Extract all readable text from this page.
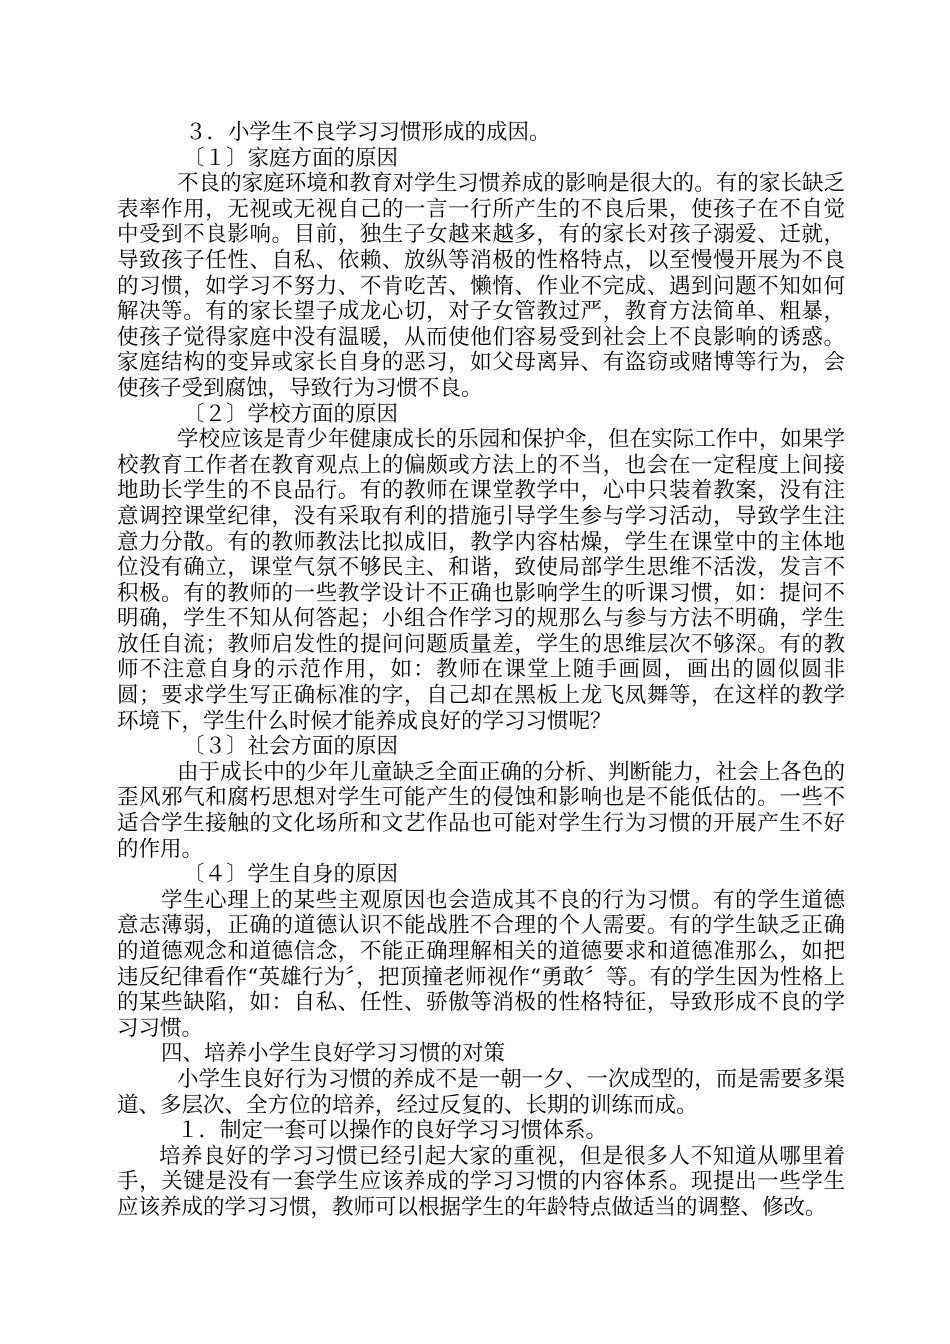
３．小学生不良学习习惯形成的成因。

〔１〕家庭方面的原因

不良的家庭环境和教育对学生习惯养成的影响是很大的。有的家长缺乏表率作用，无视或无视自己的一言一行所产生的不良后果，使孩子在不自觉中受到不良影响。目前，独生子女越来越多，有的家长对孩子溺爱、迁就，导致孩子任性、自私、依赖、放纵等消极的性格特点，以至慢慢开展为不良的习惯，如学习不努力、不肯吃苦、懒惰、作业不完成、遇到问题不知如何解决等。有的家长望子成龙心切，对子女管教过严，教育方法简单、粗暴，使孩子觉得家庭中没有温暖，从而使他们容易受到社会上不良影响的诱惑。家庭结构的变异或家长自身的恶习，如父母离异、有盗窃或赌博等行为，会使孩子受到腐蚀，导致行为习惯不良。

〔２〕学校方面的原因

学校应该是青少年健康成长的乐园和保护伞，但在实际工作中，如果学校教育工作者在教育观点上的偏颇或方法上的不当，也会在一定程度上间接地助长学生的不良品行。有的教师在课堂教学中，心中只装着教案，没有注意调控课堂纪律，没有采取有利的措施引导学生参与学习活动，导致学生注意力分散。有的教师教法比拟成旧，教学内容枯燥，学生在课堂中的主体地位没有确立，课堂气氛不够民主、和谐，致使局部学生思维不活泼，发言不积极。有的教师的一些教学设计不正确也影响学生的听课习惯，如：提问不明确，学生不知从何答起；小组合作学习的规那么与参与方法不明确，学生放任自流；教师启发性的提问问题质量差，学生的思维层次不够深。有的教师不注意自身的示范作用，如：教师在课堂上随手画圆，画出的圆似圆非圆；要求学生写正确标准的字，自己却在黑板上龙飞凤舞等，在这样的教学环境下，学生什么时候才能养成良好的学习习惯呢？

〔３〕社会方面的原因

由于成长中的少年儿童缺乏全面正确的分析、判断能力，社会上各色的歪风邪气和腐朽思想对学生可能产生的侵蚀和影响也是不能低估的。一些不适合学生接触的文化场所和文艺作品也可能对学生行为习惯的开展产生不好的作用。

〔４〕学生自身的原因

学生心理上的某些主观原因也会造成其不良的行为习惯。有的学生道德意志薄弱，正确的道德认识不能战胜不合理的个人需要。有的学生缺乏正确的道德观念和道德信念，不能正确理解相关的道德要求和道德准那么，如把违反纪律看作“英雄行为〞，把顶撞老师视作“勇敢〞等。有的学生因为性格上的某些缺陷，如：自私、任性、骄傲等消极的性格特征，导致形成不良的学习习惯。

四、培养小学生良好学习习惯的对策

小学生良好行为习惯的养成不是一朝一夕、一次成型的，而是需要多渠道、多层次、全方位的培养，经过反复的、长期的训练而成。

１．制定一套可以操作的良好学习习惯体系。

培养良好的学习习惯已经引起大家的重视，但是很多人不知道从哪里着手，关键是没有一套学生应该养成的学习习惯的内容体系。现提出一些学生应该养成的学习习惯，教师可以根据学生的年龄特点做适当的调整、修改。
